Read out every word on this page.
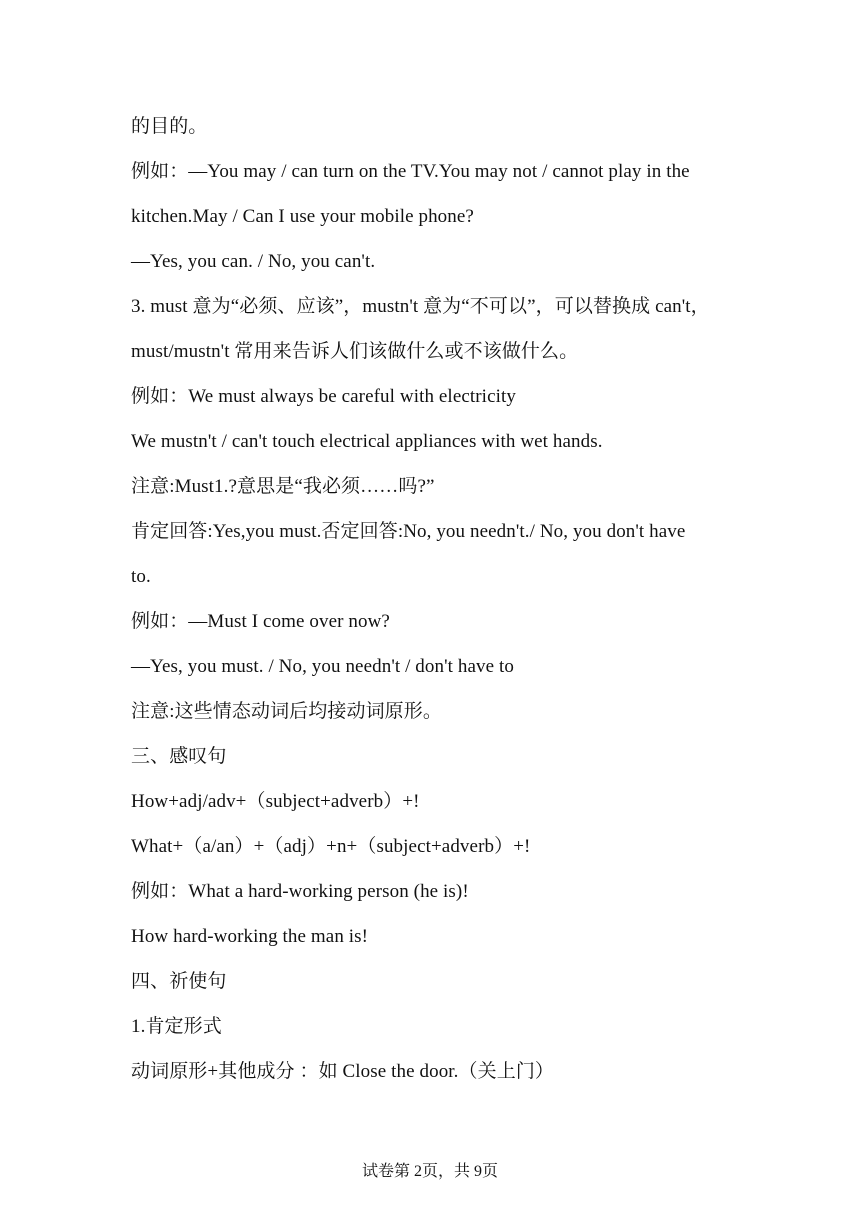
的目的。
例如：—You may / can turn on the TV.You may not / cannot play in the
kitchen.May / Can I use your mobile phone?
—Yes, you can. / No, you can't.
3. must 意为“必须、应该”，mustn't 意为“不可以”，可以替换成 can't，
must/mustn't 常用来告诉人们该做什么或不该做什么。
例如：We must always be careful with electricity
We mustn't / can't touch electrical appliances with wet hands.
注意:Must1.?意思是“我必须……吗?”
肯定回答:Yes,you must.否定回答:No, you needn't./ No, you don't have
to.
例如：—Must I come over now?
—Yes, you must. / No, you needn't / don't have to
注意:这些情态动词后均接动词原形。
三、感叹句
How+adj/adv+（subject+adverb）+!
What+（a/an）+（adj）+n+（subject+adverb）+!
例如：What a hard-working person (he is)!
How hard-working the man is!
四、祈使句
1.肯定形式
动词原形+其他成分 ：如 Close the door.（关上门）
试卷第 2页，共 9页
